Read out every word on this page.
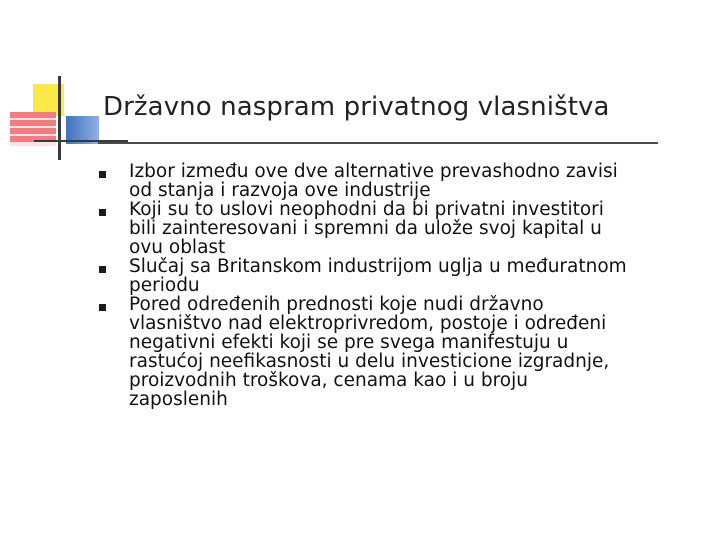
Državno naspram privatnog vlasništva
Izbor između ove dve alternative prevashodno zavisi
od stanja i razvoja ove industrije
Koji su to uslovi neophodni da bi privatni investitori
bili zainteresovani i spremni da ulože svoj kapital u
ovu oblast
Slučaj sa Britanskom industrijom uglja u međuratnom
periodu
Pored određenih prednosti koje nudi državno
vlasništvo nad elektroprivredom, postoje i određeni
negativni efekti koji se pre svega manifestuju u
rastućoj neefikasnosti u delu investicione izgradnje,
proizvodnih troškova, cenama kao i u broju
zaposlenih
